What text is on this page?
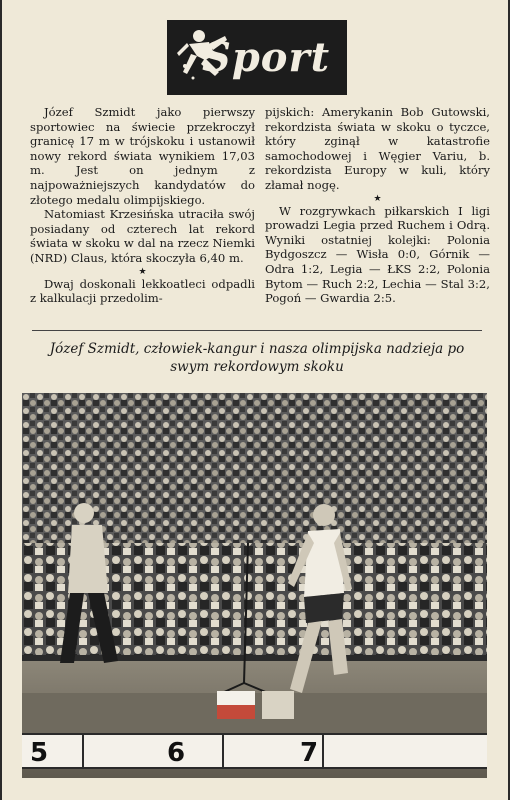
Sport

Józef Szmidt jako pierwszy sportowiec na świecie przekroczył granicę 17 m w trójskoku i ustanowił nowy rekord świata wynikiem 17,03 m. Jest on jednym z najpoważniejszych kandydatów do złotego medalu olimpijskiego.

Natomiast Krzesińska utraciła swój posiadany od czterech lat rekord świata w skoku w dal na rzecz Niemki (NRD) Claus, która skoczyła 6,40 m.

★

Dwaj doskonali lekkoatleci odpadli z kalkulacji przedolim-

pijskich: Amerykanin Bob Gutowski, rekordzista świata w skoku o tyczce, który zginął w katastrofie samochodowej i Węgier Variu, b. rekordzista Europy w kuli, który złamał nogę.

★

W rozgrywkach piłkarskich I ligi prowadzi Legia przed Ruchem i Odrą. Wyniki ostatniej kolejki: Polonia Bydgoszcz — Wisła 0:0, Górnik — Odra 1:2, Legia — ŁKS 2:2, Polonia Bytom — Ruch 2:2, Lechia — Stal 3:2, Pogoń — Gwardia 2:5.

Józef Szmidt, człowiek-kangur i nasza olimpijska nadzieja po swym rekordowym skoku
5	6	7
